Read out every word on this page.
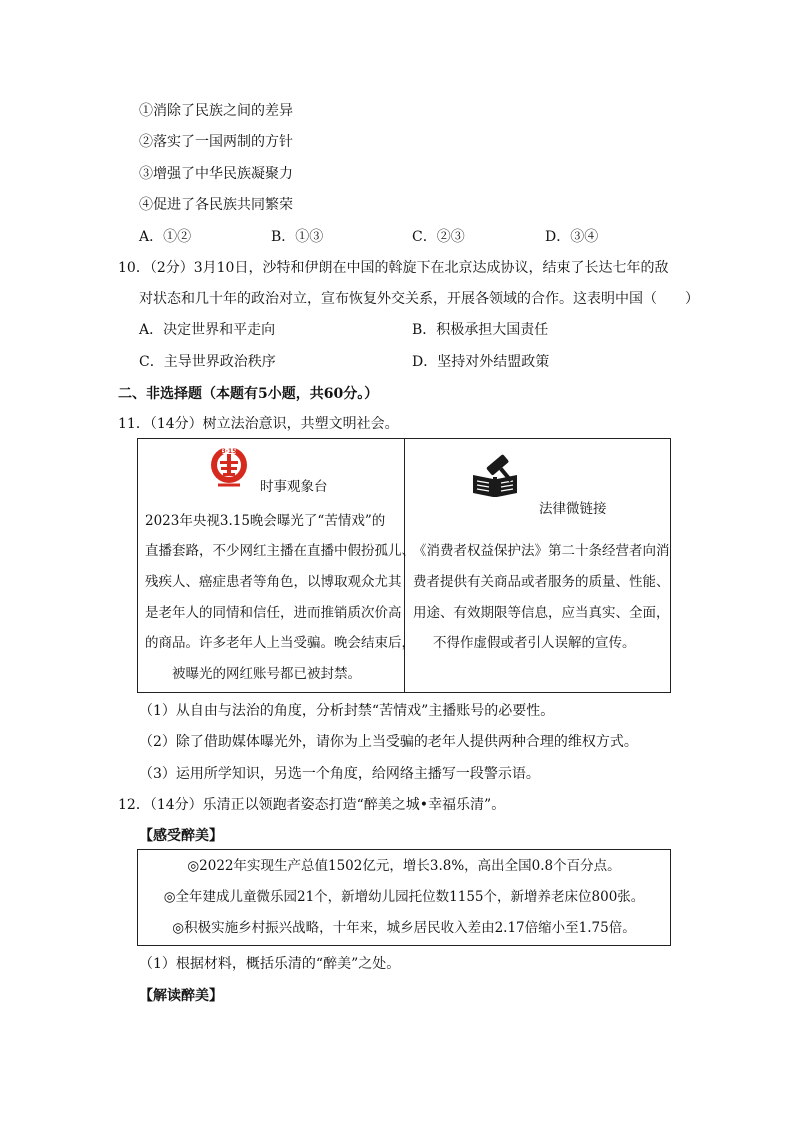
①消除了民族之间的差异
②落实了一国两制的方针
③增强了中华民族凝聚力
④促进了各民族共同繁荣
A．①②	B．①③	C．②③	D．③④
10．（2分）3月10日，沙特和伊朗在中国的斡旋下在北京达成协议，结束了长达七年的敌
对状态和几十年的政治对立，宣布恢复外交关系，开展各领域的合作。这表明中国（　　）
A．决定世界和平走向	B．积极承担大国责任
C．主导世界政治秩序	D．坚持对外结盟政策
二、非选择题（本题有5小题，共60分。）
11．（14分）树立法治意识，共塑文明社会。
3·15
时事观象台
2023年央视3.15晚会曝光了“苦情戏”的
直播套路，不少网红主播在直播中假扮孤儿、
残疾人、癌症患者等角色，以博取观众尤其
是老年人的同情和信任，进而推销质次价高
的商品。许多老年人上当受骗。晚会结束后，
被曝光的网红账号都已被封禁。
法律微链接
《消费者权益保护法》第二十条经营者向消
费者提供有关商品或者服务的质量、性能、
用途、有效期限等信息，应当真实、全面，
不得作虚假或者引人误解的宣传。
（1）从自由与法治的角度，分析封禁“苦情戏”主播账号的必要性。
（2）除了借助媒体曝光外，请你为上当受骗的老年人提供两种合理的维权方式。
（3）运用所学知识，另选一个角度，给网络主播写一段警示语。
12．（14分）乐清正以领跑者姿态打造“醉美之城•幸福乐清”。
【感受醉美】
◎2022年实现生产总值1502亿元，增长3.8%，高出全国0.8个百分点。
◎全年建成儿童微乐园21个，新增幼儿园托位数1155个，新增养老床位800张。
◎积极实施乡村振兴战略，十年来，城乡居民收入差由2.17倍缩小至1.75倍。
（1）根据材料，概括乐清的“醉美”之处。
【解读醉美】
